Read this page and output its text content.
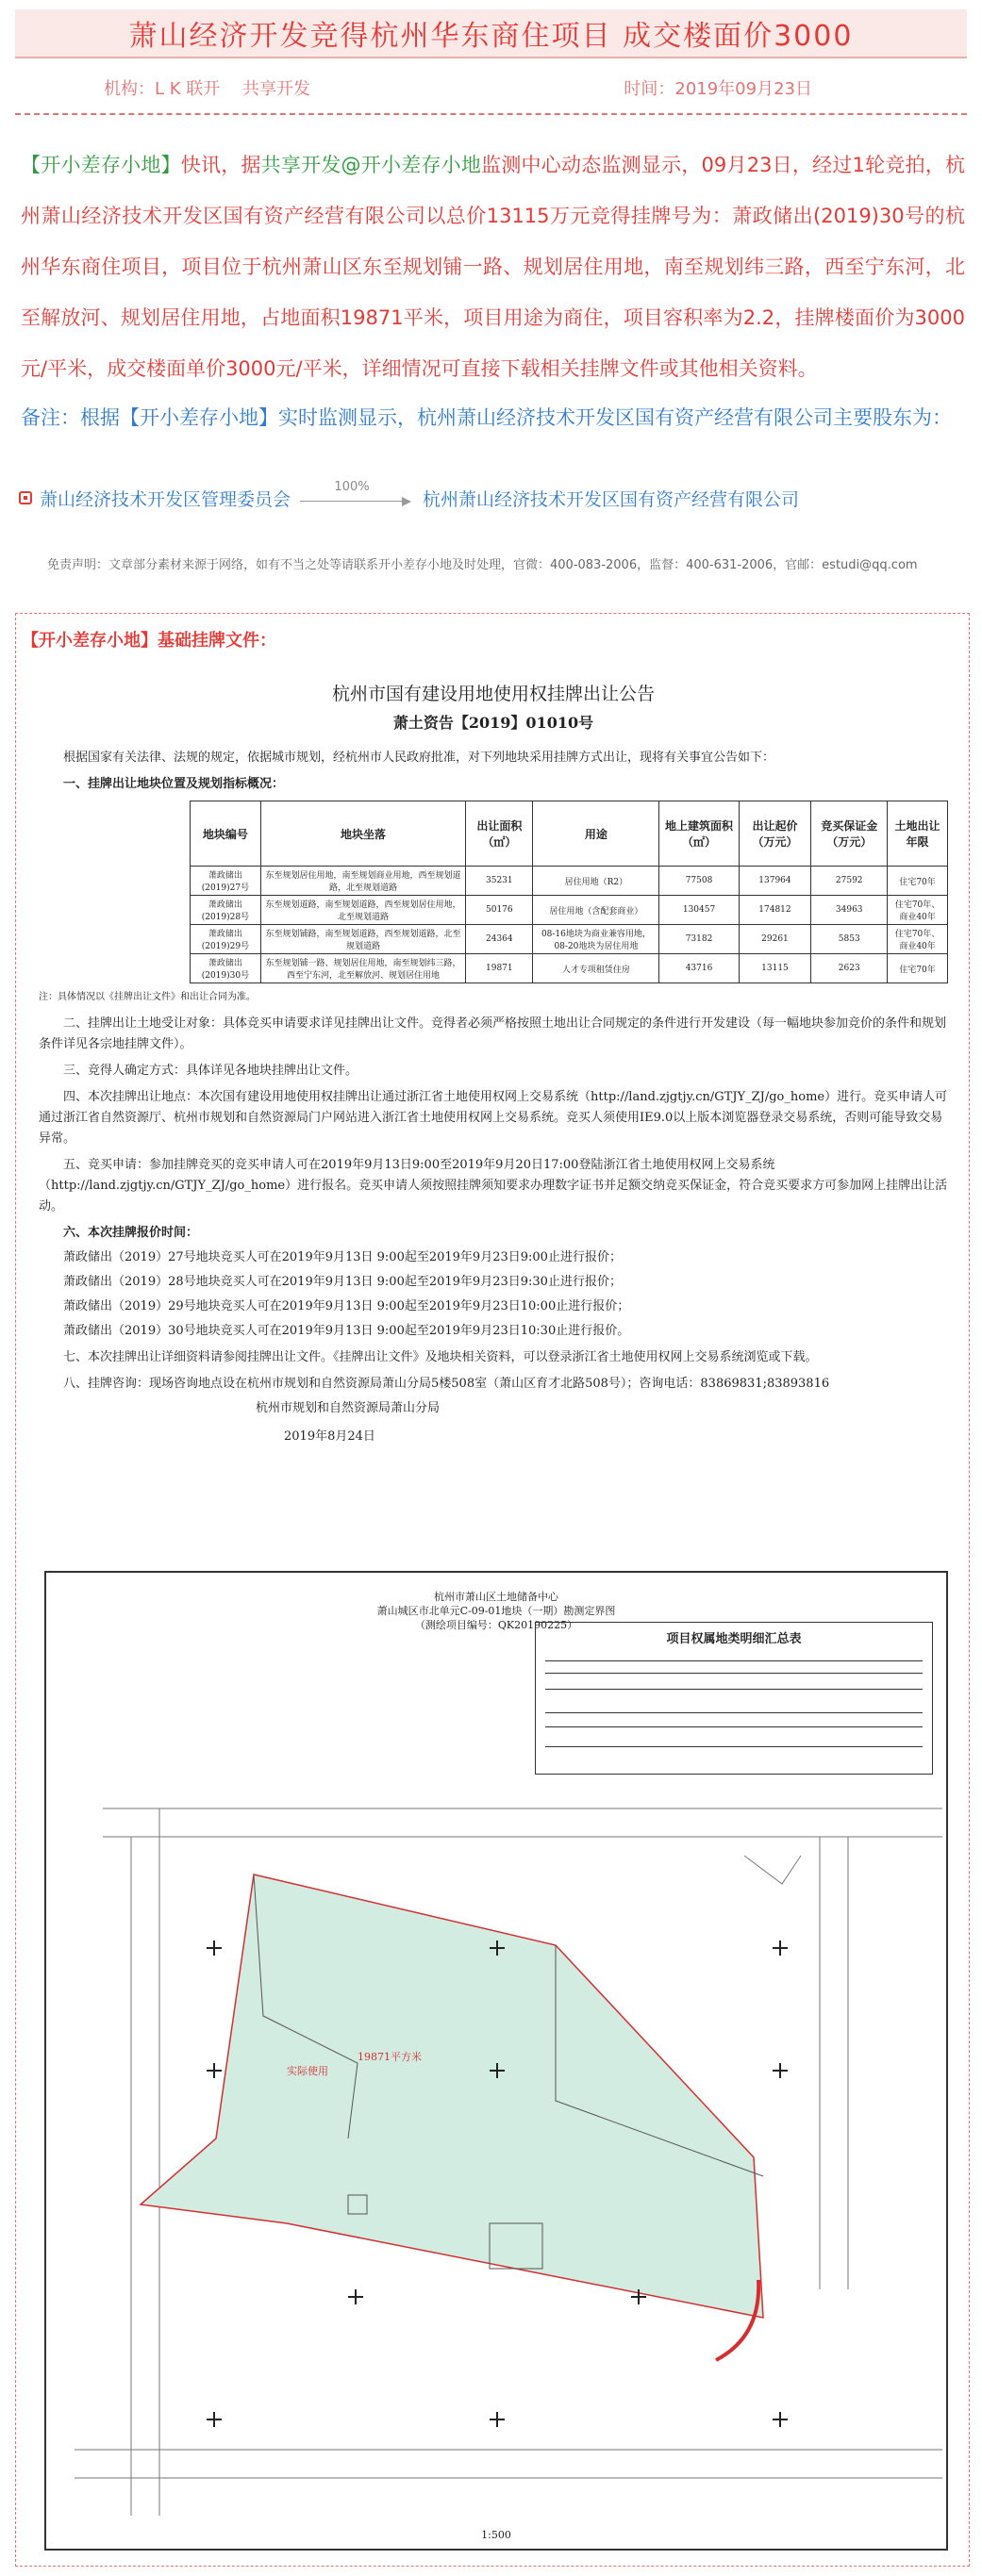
萧山经济开发竞得杭州华东商住项目 成交楼面价3000
机构：L K 联开　 共享开发	时间：2019年09月23日
【开小差存小地】快讯，据共享开发@开小差存小地监测中心动态监测显示，09月23日，经过1轮竞拍，杭州萧山经济技术开发区国有资产经营有限公司以总价13115万元竞得挂牌号为：萧政储出(2019)30号的杭州华东商住项目，项目位于杭州萧山区东至规划铺一路、规划居住用地，南至规划纬三路，西至宁东河，北至解放河、规划居住用地，占地面积19871平米，项目用途为商住，项目容积率为2.2，挂牌楼面价为3000元/平米，成交楼面单价3000元/平米，详细情况可直接下载相关挂牌文件或其他相关资料。
备注：根据【开小差存小地】实时监测显示，杭州萧山经济技术开发区国有资产经营有限公司主要股东为：
萧山经济技术开发区管理委员会
100%
杭州萧山经济技术开发区国有资产经营有限公司
免责声明：文章部分素材来源于网络，如有不当之处等请联系开小差存小地及时处理，官微：400-083-2006，监督：400-631-2006，官邮：estudi@qq.com
【开小差存小地】基础挂牌文件：
杭州市国有建设用地使用权挂牌出让公告
萧土资告【2019】01010号

根据国家有关法律、法规的规定，依据城市规划，经杭州市人民政府批准，对下列地块采用挂牌方式出让，现将有关事宜公告如下：

一、挂牌出让地块位置及规划指标概况：

地块编号	地块坐落	出让面积（㎡）	用途	地上建筑面积（㎡）	出让起价（万元）	竞买保证金（万元）	土地出让年限
萧政储出(2019)27号	东至规划居住用地，南至规划商业用地，西至规划道路，北至规划道路	35231	居住用地（R2）	77508	137964	27592	住宅70年
萧政储出(2019)28号	东至规划道路，南至规划道路，西至规划居住用地，北至规划道路	50176	居住用地（含配套商业）	130457	174812	34963	住宅70年、商业40年
萧政储出(2019)29号	东至规划铺路，南至规划道路，西至规划道路，北至规划道路	24364	08-16地块为商业兼容用地，08-20地块为居住用地	73182	29261	5853	住宅70年、商业40年
萧政储出(2019)30号	东至规划铺一路、规划居住用地，南至规划纬三路，西至宁东河，北至解放河、规划居住用地	19871	人才专项租赁住房	43716	13115	2623	住宅70年

注：具体情况以《挂牌出让文件》和出让合同为准。

二、挂牌出让土地受让对象：具体竞买申请要求详见挂牌出让文件。竞得者必须严格按照土地出让合同规定的条件进行开发建设（每一幅地块参加竞价的条件和规划条件详见各宗地挂牌文件）。

三、竞得人确定方式：具体详见各地块挂牌出让文件。

四、本次挂牌出让地点：本次国有建设用地使用权挂牌出让通过浙江省土地使用权网上交易系统（http://land.zjgtjy.cn/GTJY_ZJ/go_home）进行。竞买申请人可通过浙江省自然资源厅、杭州市规划和自然资源局门户网站进入浙江省土地使用权网上交易系统。竞买人须使用IE9.0以上版本浏览器登录交易系统，否则可能导致交易异常。

五、竞买申请：参加挂牌竞买的竞买申请人可在2019年9月13日9:00至2019年9月20日17:00登陆浙江省土地使用权网上交易系统（http://land.zjgtjy.cn/GTJY_ZJ/go_home）进行报名。竞买申请人须按照挂牌须知要求办理数字证书并足额交纳竞买保证金，符合竞买要求方可参加网上挂牌出让活动。

六、本次挂牌报价时间：

萧政储出（2019）27号地块竞买人可在2019年9月13日 9:00起至2019年9月23日9:00止进行报价；

萧政储出（2019）28号地块竞买人可在2019年9月13日 9:00起至2019年9月23日9:30止进行报价；

萧政储出（2019）29号地块竞买人可在2019年9月13日 9:00起至2019年9月23日10:00止进行报价；

萧政储出（2019）30号地块竞买人可在2019年9月13日 9:00起至2019年9月23日10:30止进行报价。

七、本次挂牌出让详细资料请参阅挂牌出让文件。《挂牌出让文件》及地块相关资料，可以登录浙江省土地使用权网上交易系统浏览或下载。

八、挂牌咨询：现场咨询地点设在杭州市规划和自然资源局萧山分局5楼508室（萧山区育才北路508号）；咨询电话：83869831;83893816

杭州市规划和自然资源局萧山分局

2019年8月24日

杭州市萧山区土地储备中心
萧山城区市北单元C-09-01地块（一期）勘测定界图
（测绘项目编号：QK20190225）
项目权属地类明细汇总表
19871平方米
实际使用
1:500
